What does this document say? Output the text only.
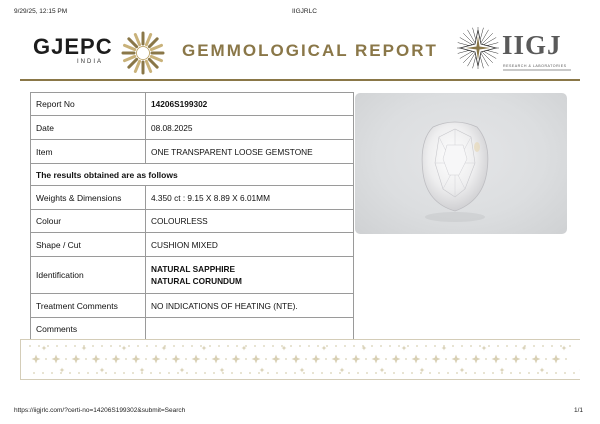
9/29/25, 12:15 PM	IIGJRLC
GJEPC
INDIA
GEMMOLOGICAL REPORT IIGJ
RESEARCH & LABORATORIES
Report No	14206S199302
Date	08.08.2025
Item	ONE TRANSPARENT LOOSE GEMSTONE
The results obtained are as follows	
Weights & Dimensions	4.350 ct : 9.15 X 8.89 X 6.01MM
Colour	COLOURLESS
Shape / Cut	CUSHION MIXED
Identification	NATURAL SAPPHIRE
NATURAL CORUNDUM

Treatment Comments	NO INDICATIONS OF HEATING (NTE).
Comments	
https://iigjrlc.com/?certi-no=14206S199302&submit=Search	1/1
